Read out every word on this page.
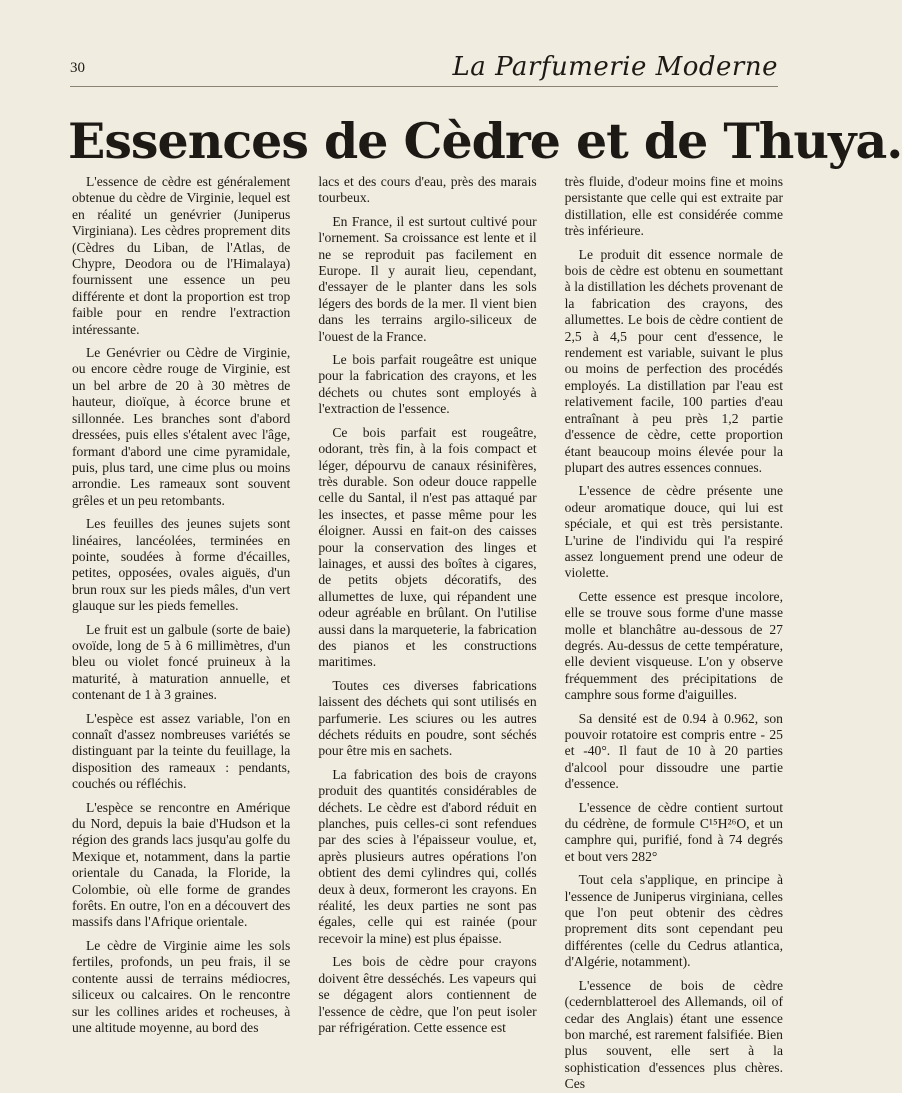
30	La Parfumerie Moderne
Essences de Cèdre et de Thuya.

L'essence de cèdre est généralement obtenue du cèdre de Virginie, lequel est en réalité un genévrier (Juniperus Virginiana). Les cèdres proprement dits (Cèdres du Liban, de l'Atlas, de Chypre, Deodora ou de l'Himalaya) fournissent une essence un peu différente et dont la proportion est trop faible pour en rendre l'extraction intéressante.

Le Genévrier ou Cèdre de Virginie, ou encore cèdre rouge de Virginie, est un bel arbre de 20 à 30 mètres de hauteur, dioïque, à écorce brune et sillonnée. Les branches sont d'abord dressées, puis elles s'étalent avec l'âge, formant d'abord une cime pyramidale, puis, plus tard, une cime plus ou moins arrondie. Les rameaux sont souvent grêles et un peu retombants.

Les feuilles des jeunes sujets sont linéaires, lancéolées, terminées en pointe, soudées à forme d'écailles, petites, opposées, ovales aiguës, d'un brun roux sur les pieds mâles, d'un vert glauque sur les pieds femelles.

Le fruit est un galbule (sorte de baie) ovoïde, long de 5 à 6 millimètres, d'un bleu ou violet foncé pruineux à la maturité, à maturation annuelle, et contenant de 1 à 3 graines.

L'espèce est assez variable, l'on en connaît d'assez nombreuses variétés se distinguant par la teinte du feuillage, la disposition des rameaux : pendants, couchés ou réfléchis.

L'espèce se rencontre en Amérique du Nord, depuis la baie d'Hudson et la région des grands lacs jusqu'au golfe du Mexique et, notamment, dans la partie orientale du Canada, la Floride, la Colombie, où elle forme de grandes forêts. En outre, l'on en a découvert des massifs dans l'Afrique orientale.

Le cèdre de Virginie aime les sols fertiles, profonds, un peu frais, il se contente aussi de terrains médiocres, siliceux ou calcaires. On le rencontre sur les collines arides et rocheuses, à une altitude moyenne, au bord des

lacs et des cours d'eau, près des marais tourbeux.

En France, il est surtout cultivé pour l'ornement. Sa croissance est lente et il ne se reproduit pas facilement en Europe. Il y aurait lieu, cependant, d'essayer de le planter dans les sols légers des bords de la mer. Il vient bien dans les terrains argilo-siliceux de l'ouest de la France.

Le bois parfait rougeâtre est unique pour la fabrication des crayons, et les déchets ou chutes sont employés à l'extraction de l'essence.

Ce bois parfait est rougeâtre, odorant, très fin, à la fois compact et léger, dépourvu de canaux résinifères, très durable. Son odeur douce rappelle celle du Santal, il n'est pas attaqué par les insectes, et passe même pour les éloigner. Aussi en fait-on des caisses pour la conservation des linges et lainages, et aussi des boîtes à cigares, de petits objets décoratifs, des allumettes de luxe, qui répandent une odeur agréable en brûlant. On l'utilise aussi dans la marqueterie, la fabrication des pianos et les constructions maritimes.

Toutes ces diverses fabrications laissent des déchets qui sont utilisés en parfumerie. Les sciures ou les autres déchets réduits en poudre, sont séchés pour être mis en sachets.

La fabrication des bois de crayons produit des quantités considérables de déchets. Le cèdre est d'abord réduit en planches, puis celles-ci sont refendues par des scies à l'épaisseur voulue, et, après plusieurs autres opérations l'on obtient des demi cylindres qui, collés deux à deux, formeront les crayons. En réalité, les deux parties ne sont pas égales, celle qui est rainée (pour recevoir la mine) est plus épaisse.

Les bois de cèdre pour crayons doivent être desséchés. Les vapeurs qui se dégagent alors contiennent de l'essence de cèdre, que l'on peut isoler par réfrigération. Cette essence est

très fluide, d'odeur moins fine et moins persistante que celle qui est extraite par distillation, elle est considérée comme très inférieure.

Le produit dit essence normale de bois de cèdre est obtenu en soumettant à la distillation les déchets provenant de la fabrication des crayons, des allumettes. Le bois de cèdre contient de 2,5 à 4,5 pour cent d'essence, le rendement est variable, suivant le plus ou moins de perfection des procédés employés. La distillation par l'eau est relativement facile, 100 parties d'eau entraînant à peu près 1,2 partie d'essence de cèdre, cette proportion étant beaucoup moins élevée pour la plupart des autres essences connues.

L'essence de cèdre présente une odeur aromatique douce, qui lui est spéciale, et qui est très persistante. L'urine de l'individu qui l'a respiré assez longuement prend une odeur de violette.

Cette essence est presque incolore, elle se trouve sous forme d'une masse molle et blanchâtre au-dessous de 27 degrés. Au-dessus de cette température, elle devient visqueuse. L'on y observe fréquemment des précipitations de camphre sous forme d'aiguilles.

Sa densité est de 0.94 à 0.962, son pouvoir rotatoire est compris entre - 25 et -40°. Il faut de 10 à 20 parties d'alcool pour dissoudre une partie d'essence.

L'essence de cèdre contient surtout du cédrène, de formule C¹⁵H²⁶O, et un camphre qui, purifié, fond à 74 degrés et bout vers 282°

Tout cela s'applique, en principe à l'essence de Juniperus virginiana, celles que l'on peut obtenir des cèdres proprement dits sont cependant peu différentes (celle du Cedrus atlantica, d'Algérie, notamment).

L'essence de bois de cèdre (cedernblatteroel des Allemands, oil of cedar des Anglais) étant une essence bon marché, est rarement falsifiée. Bien plus souvent, elle sert à la sophistication d'essences plus chères. Ces
